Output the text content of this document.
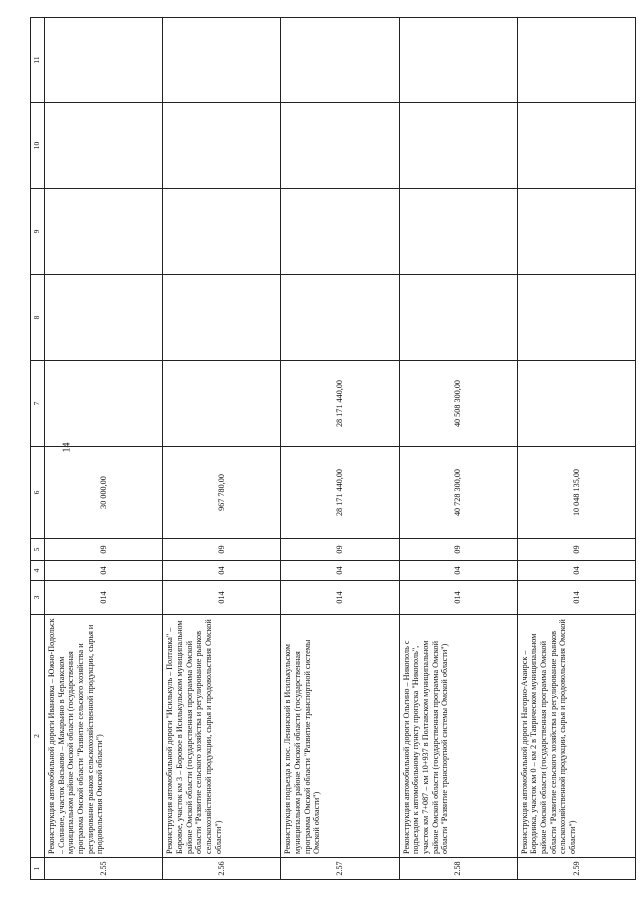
14
1	2	3	4	5	6	7	8	9	10	11
2.55	Реконструкция автомобильной дороги Ивановка – Южно-Подольск – Солнное, участок Васьково – Макарьино в Черлакском муниципальном районе Омской области (государственная программа Омской области "Развитие сельского хозяйства и регулирование рынков сельскохозяйственной продукции, сырья и продовольствия Омской области")	014	04	09	30 000,00					
2.56	Реконструкция автомобильной дороги "Исилькуль – Полтавка" – Боровое, участок км 3 – Боровое в Исилькульском муниципальном районе Омской области (государственная программа Омской области "Развитие сельского хозяйства и регулирование рынков сельскохозяйственной продукции, сырья и продовольствия Омской области")	014	04	09	967 780,00					
2.57	Реконструкция подъезда к пос. Ленинский в Исилькульском муниципальном районе Омской области (государственная программа Омской области "Развитие транспортной системы Омской области")	014	04	09	28 171 440,00	28 171 440,00				
2.58	Реконструкция автомобильной дороги Ольгино – Никополь с подъездом к автомобильному пункту пропуска "Никополь", участок км 7+087 – км 10+937 в Полтавском муниципальном районе Омской области (государственная программа Омской области "Развитие транспортной системы Омской области")	014	04	09	40 728 300,00	40 508 300,00				
2.59	Реконструкция автомобильной дороги Нагорно-Ачаирск – Бородинка, участок км 0 – км 2 в Таврическом муниципальном районе Омской области (государственная программа Омской области "Развитие сельского хозяйства и регулирование рынков сельскохозяйственной продукции, сырья и продовольствия Омской области")	014	04	09	10 048 135,00					
